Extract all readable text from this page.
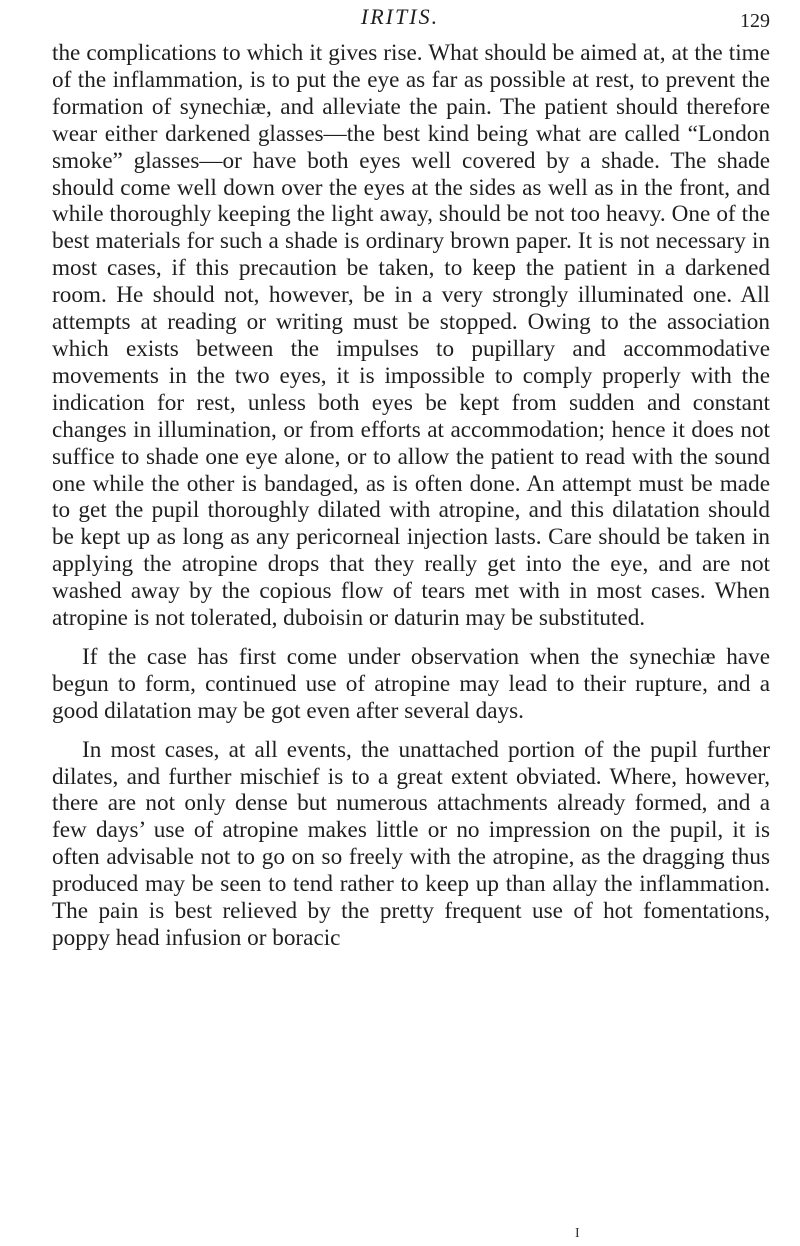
IRITIS.	129

the complications to which it gives rise. What should be aimed at, at the time of the inflammation, is to put the eye as far as possible at rest, to prevent the formation of synechiæ, and alleviate the pain. The patient should therefore wear either darkened glasses—the best kind being what are called “London smoke” glasses—or have both eyes well covered by a shade. The shade should come well down over the eyes at the sides as well as in the front, and while thoroughly keeping the light away, should be not too heavy. One of the best materials for such a shade is ordinary brown paper. It is not necessary in most cases, if this precaution be taken, to keep the patient in a darkened room. He should not, however, be in a very strongly illuminated one. All attempts at reading or writing must be stopped. Owing to the association which exists between the impulses to pupillary and accommodative movements in the two eyes, it is impossible to comply properly with the indication for rest, unless both eyes be kept from sudden and constant changes in illumination, or from efforts at accommodation; hence it does not suffice to shade one eye alone, or to allow the patient to read with the sound one while the other is bandaged, as is often done. An attempt must be made to get the pupil thoroughly dilated with atropine, and this dilatation should be kept up as long as any pericorneal injection lasts. Care should be taken in applying the atropine drops that they really get into the eye, and are not washed away by the copious flow of tears met with in most cases. When atropine is not tolerated, duboisin or daturin may be substituted.

If the case has first come under observation when the synechiæ have begun to form, continued use of atropine may lead to their rupture, and a good dilatation may be got even after several days.

In most cases, at all events, the unattached portion of the pupil further dilates, and further mischief is to a great extent obviated. Where, however, there are not only dense but numerous attachments already formed, and a few days’ use of atropine makes little or no impression on the pupil, it is often advisable not to go on so freely with the atropine, as the dragging thus produced may be seen to tend rather to keep up than allay the inflammation. The pain is best relieved by the pretty frequent use of hot fomentations, poppy head infusion or boracic

I
